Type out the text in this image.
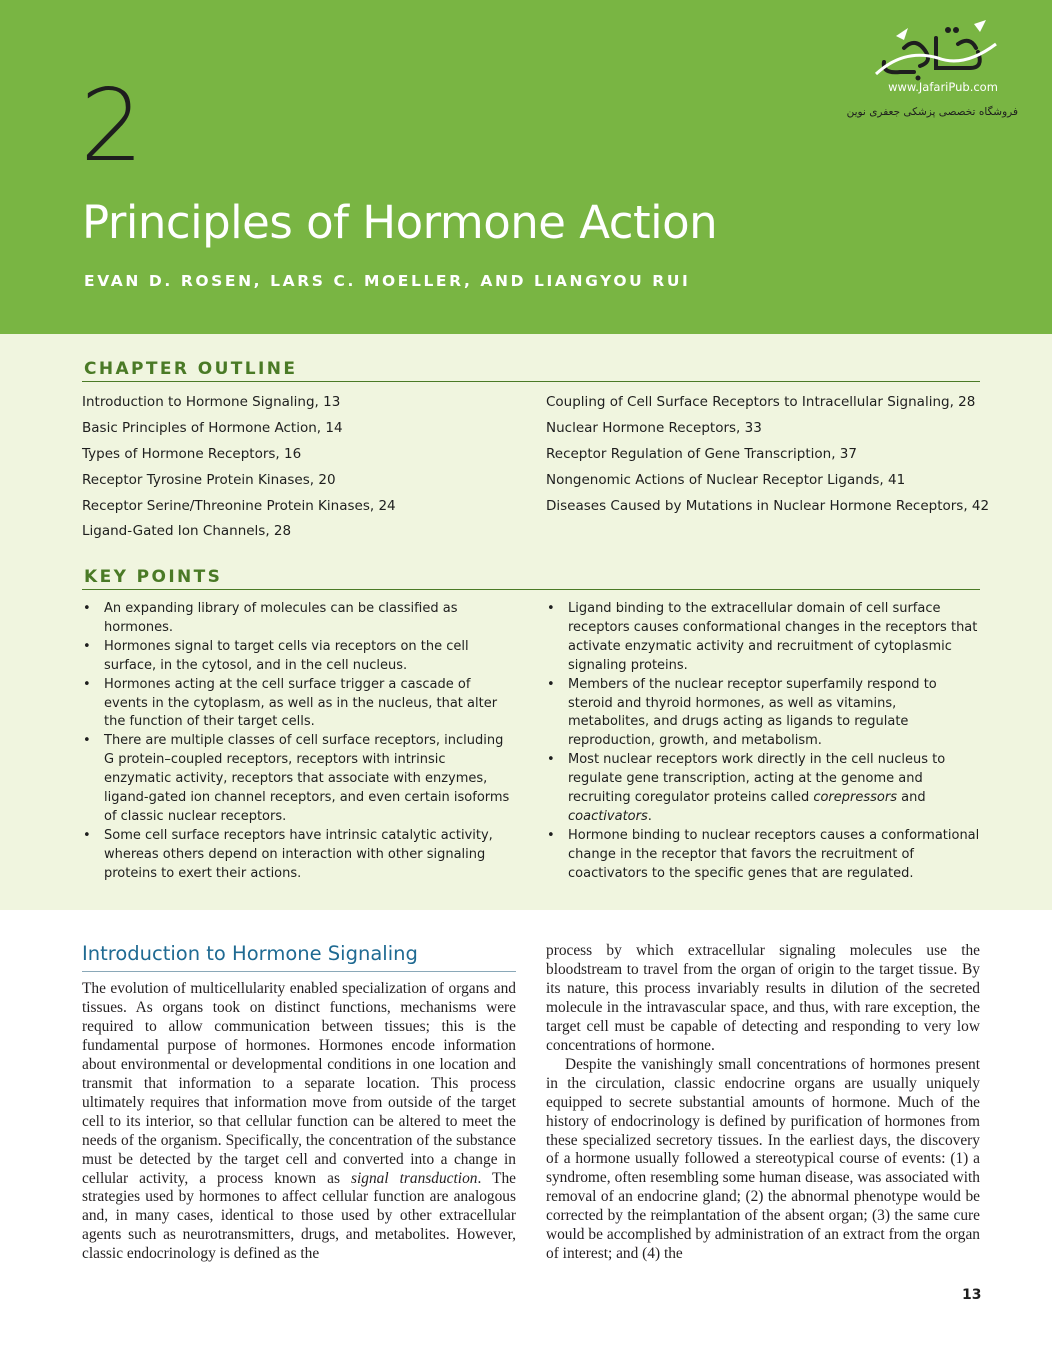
2
Principles of Hormone Action
EVAN D. ROSEN, LARS C. MOELLER, AND LIANGYOU RUI
www.JafariPub.com
فروشگاه تخصصی پزشکی جعفری نوین
CHAPTER OUTLINE
Introduction to Hormone Signaling, 13
Basic Principles of Hormone Action, 14
Types of Hormone Receptors, 16
Receptor Tyrosine Protein Kinases, 20
Receptor Serine/Threonine Protein Kinases, 24
Ligand-Gated Ion Channels, 28
Coupling of Cell Surface Receptors to Intracellular Signaling, 28
Nuclear Hormone Receptors, 33
Receptor Regulation of Gene Transcription, 37
Nongenomic Actions of Nuclear Receptor Ligands, 41
Diseases Caused by Mutations in Nuclear Hormone Receptors, 42
KEY POINTS
• An expanding library of molecules can be classified as hormones.
• Hormones signal to target cells via receptors on the cell surface, in the cytosol, and in the cell nucleus.
• Hormones acting at the cell surface trigger a cascade of events in the cytoplasm, as well as in the nucleus, that alter the function of their target cells.
• There are multiple classes of cell surface receptors, including G protein–coupled receptors, receptors with intrinsic enzymatic activity, receptors that associate with enzymes, ligand-gated ion channel receptors, and even certain isoforms of classic nuclear receptors.
• Some cell surface receptors have intrinsic catalytic activity, whereas others depend on interaction with other signaling proteins to exert their actions.
• Ligand binding to the extracellular domain of cell surface receptors causes conformational changes in the receptors that activate enzymatic activity and recruitment of cytoplasmic signaling proteins.
• Members of the nuclear receptor superfamily respond to steroid and thyroid hormones, as well as vitamins, metabolites, and drugs acting as ligands to regulate reproduction, growth, and metabolism.
• Most nuclear receptors work directly in the cell nucleus to regulate gene transcription, acting at the genome and recruiting coregulator proteins called corepressors and coactivators.
• Hormone binding to nuclear receptors causes a conformational change in the receptor that favors the recruitment of coactivators to the specific genes that are regulated.
Introduction to Hormone Signaling

The evolution of multicellularity enabled specialization of organs and tissues. As organs took on distinct functions, mechanisms were required to allow communication between tissues; this is the fundamental purpose of hormones. Hormones encode information about environmental or developmental conditions in one location and transmit that information to a separate location. This process ultimately requires that information move from outside of the target cell to its interior, so that cellular function can be altered to meet the needs of the organism. Specifically, the concentration of the substance must be detected by the target cell and converted into a change in cellular activity, a process known as signal transduction. The strategies used by hormones to affect cellular function are analogous and, in many cases, identical to those used by other extracellular agents such as neurotransmitters, drugs, and metabolites. However, classic endocrinology is defined as the

process by which extracellular signaling molecules use the bloodstream to travel from the organ of origin to the target tissue. By its nature, this process invariably results in dilution of the secreted molecule in the intravascular space, and thus, with rare exception, the target cell must be capable of detecting and responding to very low concentrations of hormone.

Despite the vanishingly small concentrations of hormones present in the circulation, classic endocrine organs are usually uniquely equipped to secrete substantial amounts of hormone. Much of the history of endocrinology is defined by purification of hormones from these specialized secretory tissues. In the earliest days, the discovery of a hormone usually followed a stereotypical course of events: (1) a syndrome, often resembling some human disease, was associated with removal of an endocrine gland; (2) the abnormal phenotype would be corrected by the reimplantation of the absent organ; (3) the same cure would be accomplished by administration of an extract from the organ of interest; and (4) the

13
